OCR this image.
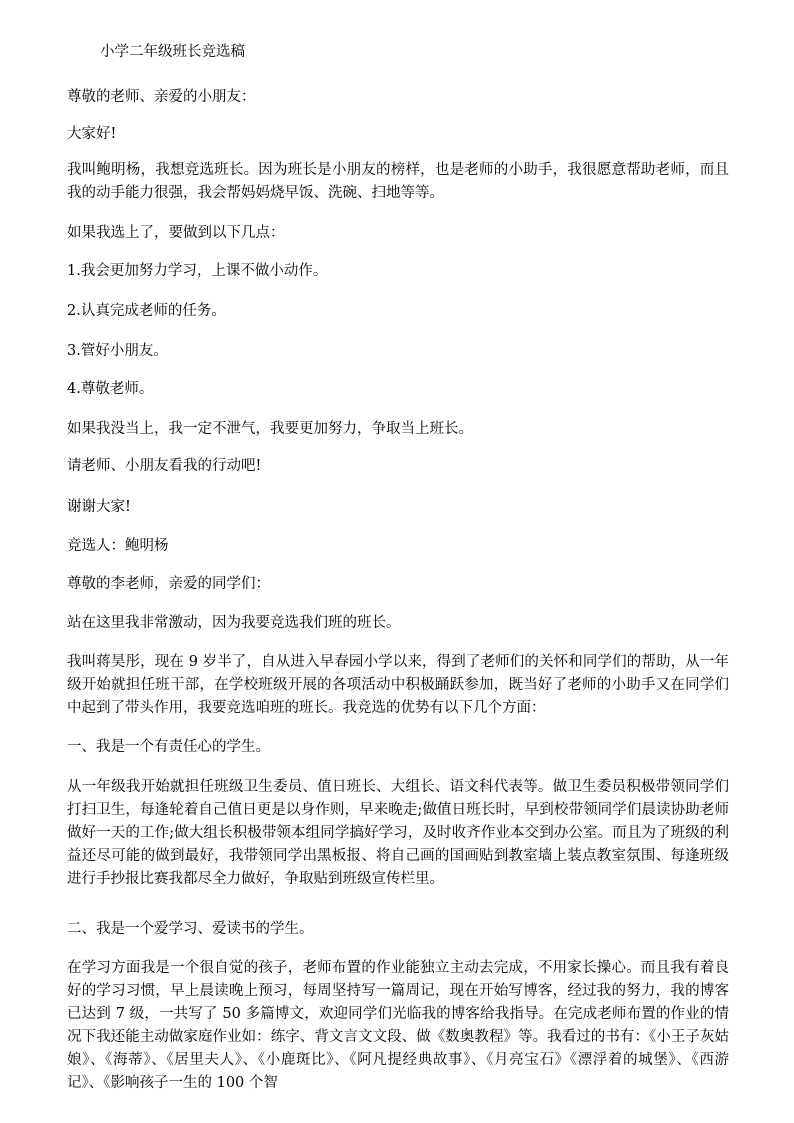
小学二年级班长竞选稿

尊敬的老师、亲爱的小朋友：

大家好!

我叫鲍明杨，我想竞选班长。因为班长是小朋友的榜样，也是老师的小助手，我很愿意帮助老师，而且我的动手能力很强，我会帮妈妈烧早饭、洗碗、扫地等等。

如果我选上了，要做到以下几点：

1.我会更加努力学习，上课不做小动作。

2.认真完成老师的任务。

3.管好小朋友。

4.尊敬老师。

如果我没当上，我一定不泄气，我要更加努力，争取当上班长。

请老师、小朋友看我的行动吧!

谢谢大家!

竞选人：鲍明杨

尊敬的李老师，亲爱的同学们：

站在这里我非常激动，因为我要竞选我们班的班长。

我叫蒋昊彤，现在 9 岁半了，自从进入早春园小学以来，得到了老师们的关怀和同学们的帮助，从一年级开始就担任班干部，在学校班级开展的各项活动中积极踊跃参加，既当好了老师的小助手又在同学们中起到了带头作用，我要竞选咱班的班长。我竞选的优势有以下几个方面：

一、我是一个有责任心的学生。

从一年级我开始就担任班级卫生委员、值日班长、大组长、语文科代表等。做卫生委员积极带领同学们打扫卫生，每逢轮着自己值日更是以身作则，早来晚走;做值日班长时，早到校带领同学们晨读协助老师做好一天的工作;做大组长积极带领本组同学搞好学习，及时收齐作业本交到办公室。而且为了班级的利益还尽可能的做到最好，我带领同学出黑板报、将自己画的国画贴到教室墙上装点教室氛围、每逢班级进行手抄报比赛我都尽全力做好，争取贴到班级宣传栏里。

二、我是一个爱学习、爱读书的学生。

在学习方面我是一个很自觉的孩子，老师布置的作业能独立主动去完成，不用家长操心。而且我有着良好的学习习惯，早上晨读晚上预习，每周坚持写一篇周记，现在开始写博客，经过我的努力，我的博客已达到 7 级，一共写了 50 多篇博文，欢迎同学们光临我的博客给我指导。在完成老师布置的作业的情况下我还能主动做家庭作业如：练字、背文言文文段、做《数奥教程》等。我看过的书有：《小王子灰姑娘》、《海蒂》、《居里夫人》、《小鹿斑比》、《阿凡提经典故事》、《月亮宝石》《漂浮着的城堡》、《西游记》、《影响孩子一生的 100 个智
